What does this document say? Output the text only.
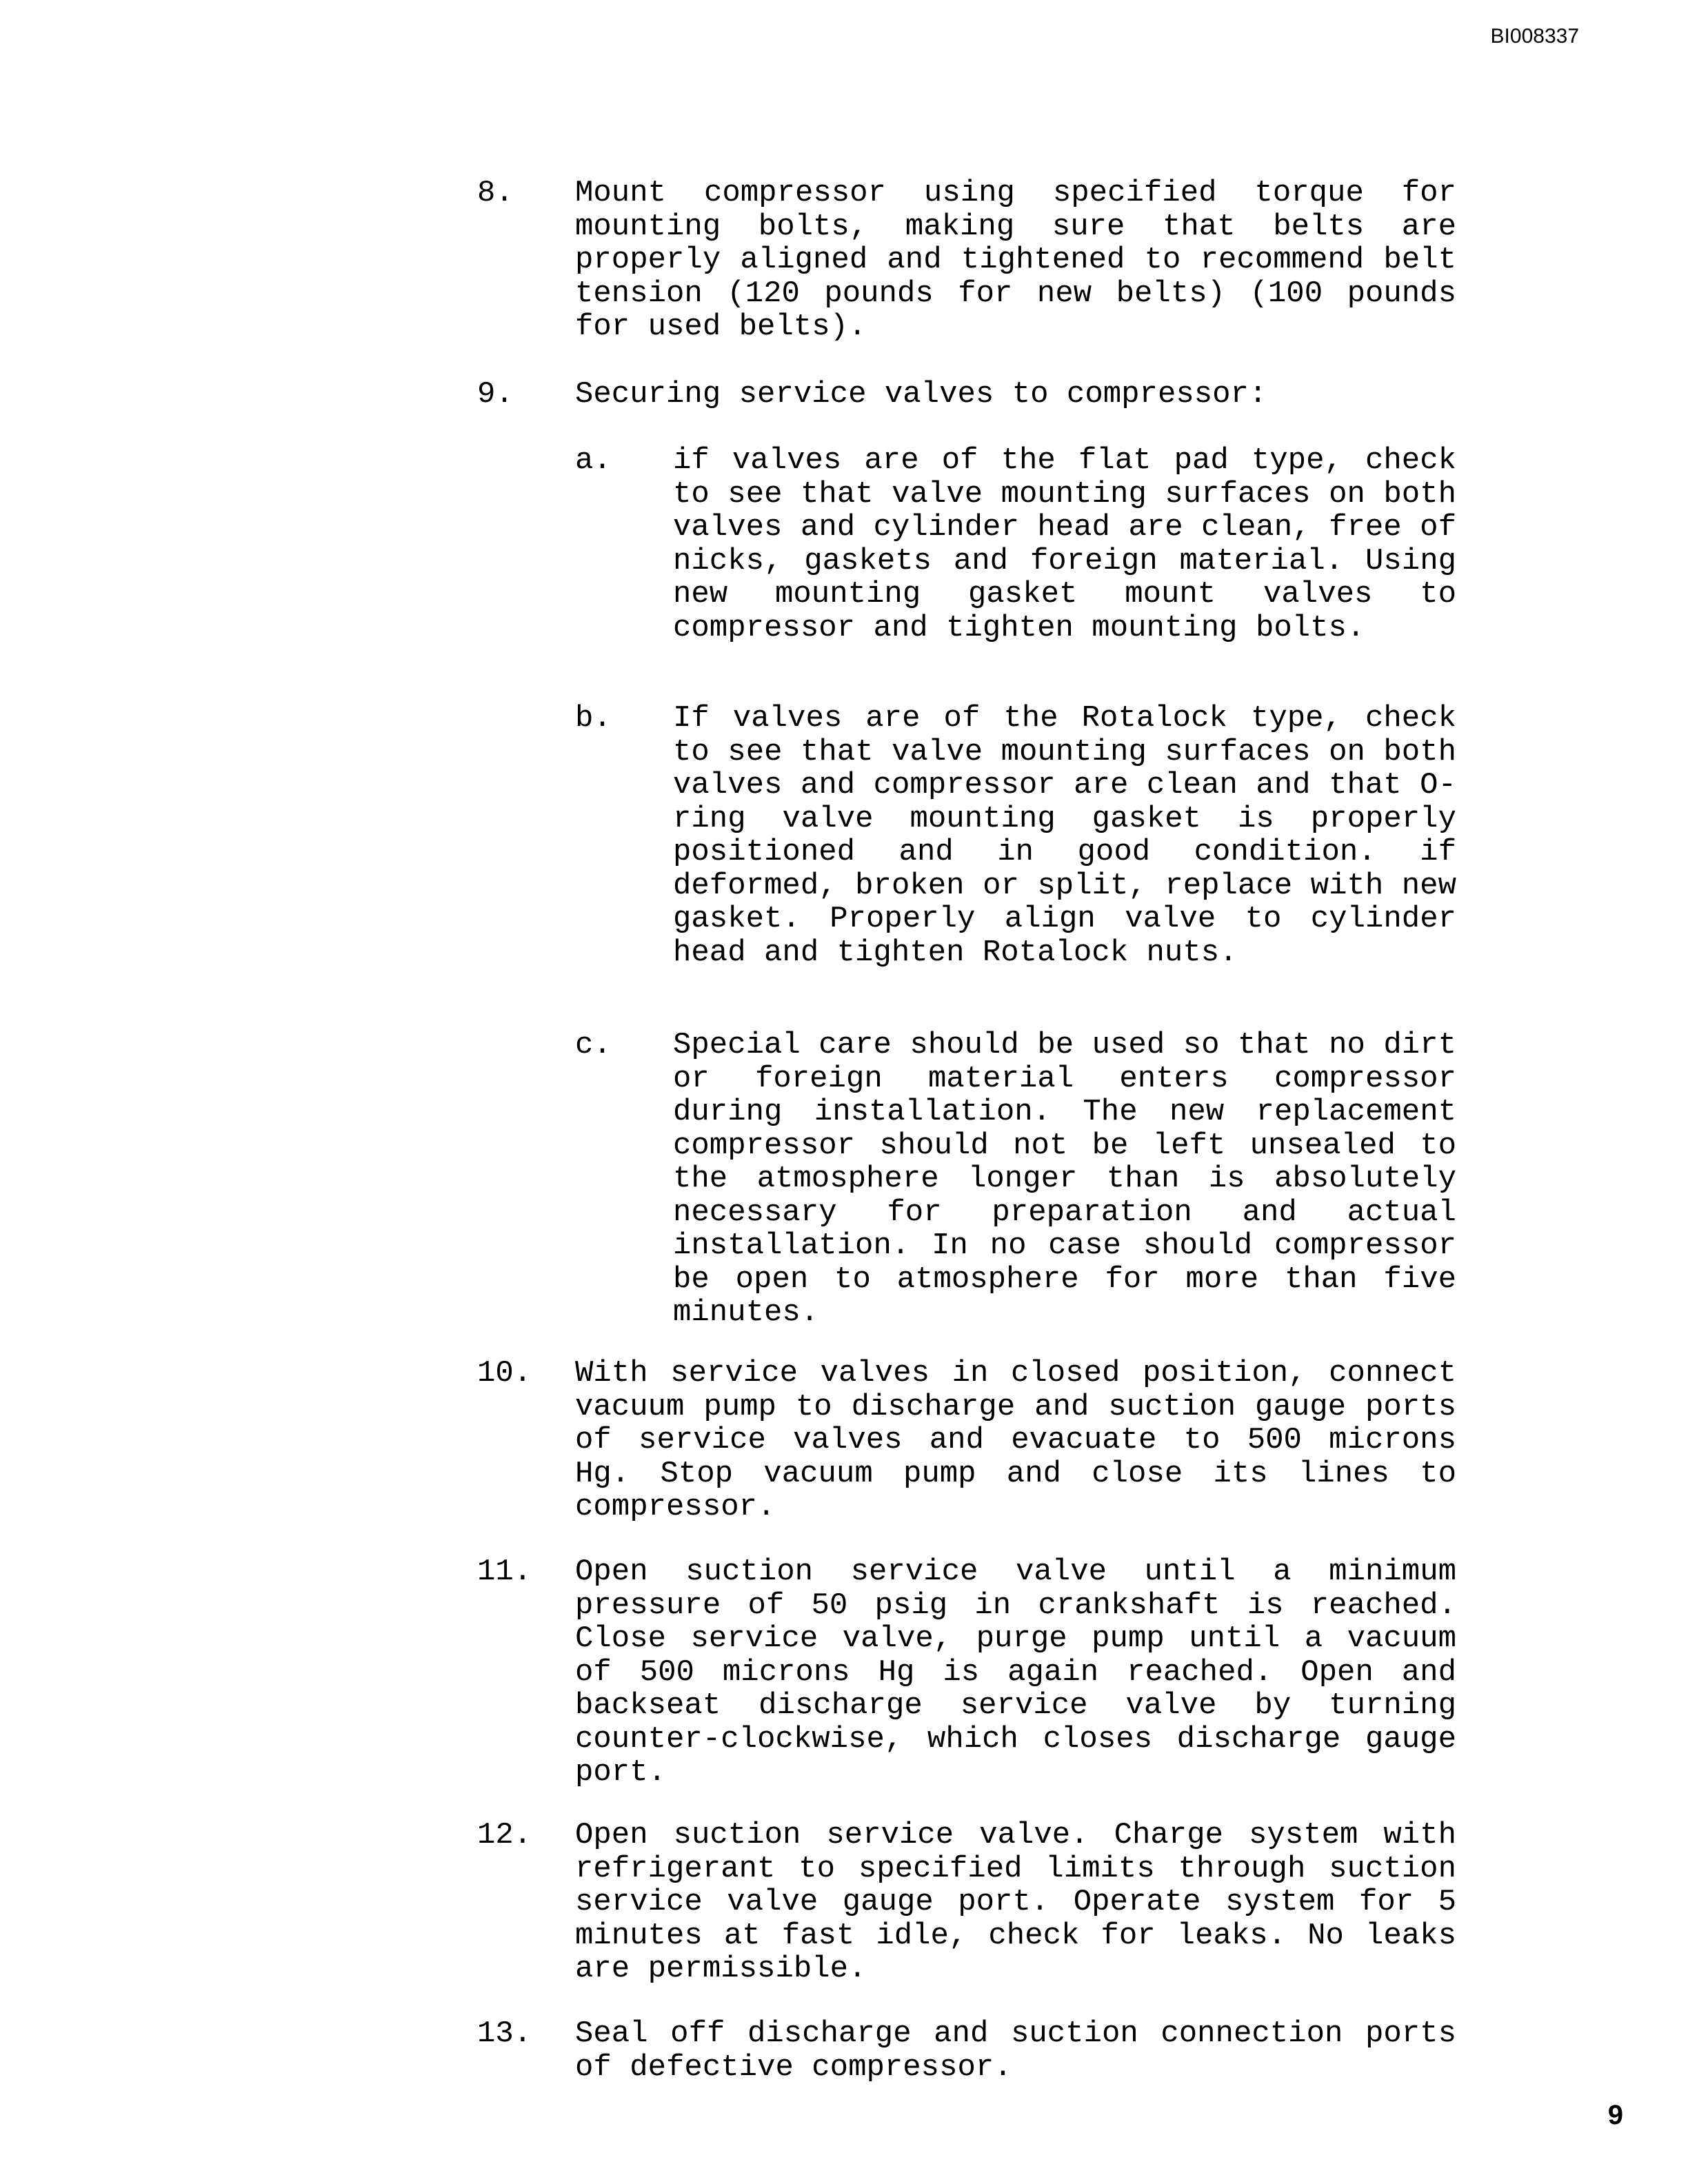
BI008337
8.	Mount compressor using specified torque for mounting bolts, making sure that belts are properly aligned and tightened to recommend belt tension (120 pounds for new belts) (100 pounds for used belts).
9.	Securing service valves to compressor:
a.	if valves are of the flat pad type, check to see that valve mounting surfaces on both valves and cylinder head are clean, free of nicks, gaskets and foreign material. Using new mounting gasket mount valves to compressor and tighten mounting bolts.
b.	If valves are of the Rotalock type, check to see that valve mounting surfaces on both valves and compressor are clean and that O-ring valve mounting gasket is properly positioned and in good condition. if deformed, broken or split, replace with new gasket. Properly align valve to cylinder head and tighten Rotalock nuts.
c.	Special care should be used so that no dirt or foreign material enters compressor during installation. The new replacement compressor should not be left unsealed to the atmosphere longer than is absolutely necessary for preparation and actual installation. In no case should compressor be open to atmosphere for more than five minutes.
10.	With service valves in closed position, connect vacuum pump to discharge and suction gauge ports of service valves and evacuate to 500 microns Hg. Stop vacuum pump and close its lines to compressor.
11.	Open suction service valve until a minimum pressure of 50 psig in crankshaft is reached. Close service valve, purge pump until a vacuum of 500 microns Hg is again reached. Open and backseat discharge service valve by turning counter-clockwise, which closes discharge gauge port.
12.	Open suction service valve. Charge system with refrigerant to specified limits through suction service valve gauge port. Operate system for 5 minutes at fast idle, check for leaks. No leaks are permissible.
13.	Seal off discharge and suction connection ports of defective compressor.
9
